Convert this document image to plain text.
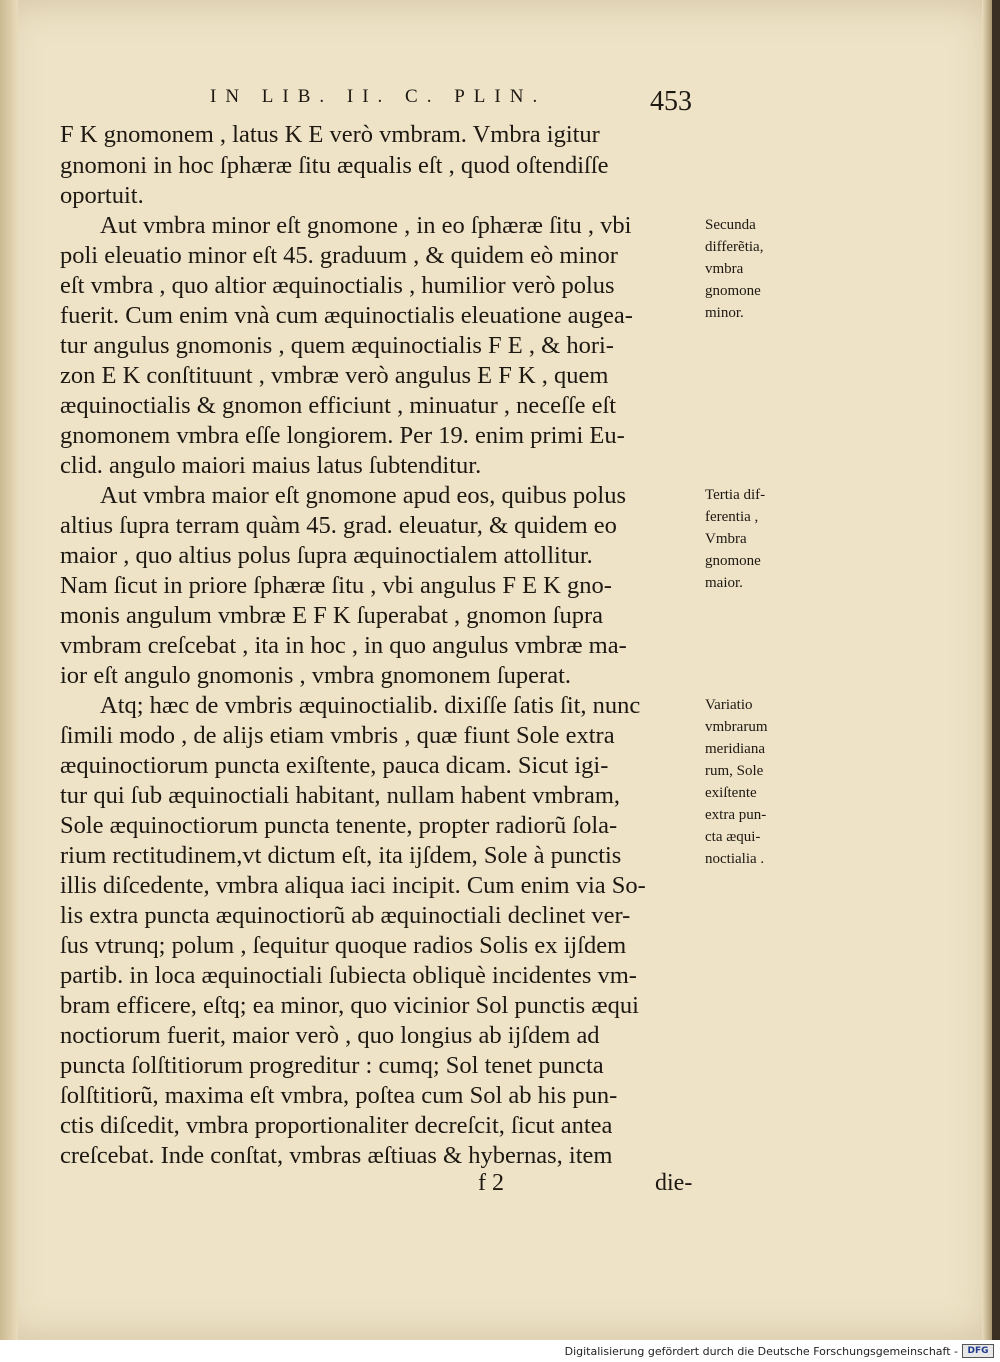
IN LIB. II. C. PLIN.	453
F K gnomonem , latus K E verò vmbram. Vmbra igitur
gnomoni in hoc ſphæræ ſitu æqualis eſt , quod oſtendiſſe
oportuit.
Aut vmbra minor eſt gnomone , in eo ſphæræ ſitu , vbi
poli eleuatio minor eſt 45. graduum , & quidem eò minor
eſt vmbra , quo altior æquinoctialis , humilior verò polus
fuerit. Cum enim vnà cum æquinoctialis eleuatione augea-
tur angulus gnomonis , quem æquinoctialis F E , & hori-
zon E K conſtituunt , vmbræ verò angulus E F K , quem
æquinoctialis & gnomon efficiunt , minuatur , neceſſe eſt
gnomonem vmbra eſſe longiorem. Per 19. enim primi Eu-
clid. angulo maiori maius latus ſubtenditur.
Aut vmbra maior eſt gnomone apud eos, quibus polus
altius ſupra terram quàm 45. grad. eleuatur, & quidem eo
maior , quo altius polus ſupra æquinoctialem attollitur.
Nam ſicut in priore ſphæræ ſitu , vbi angulus F E K gno-
monis angulum vmbræ E F K ſuperabat , gnomon ſupra
vmbram creſcebat , ita in hoc , in quo angulus vmbræ ma-
ior eſt angulo gnomonis , vmbra gnomonem ſuperat.
Atq; hæc de vmbris æquinoctialib. dixiſſe ſatis ſit, nunc
ſimili modo , de alijs etiam vmbris , quæ fiunt Sole extra
æquinoctiorum puncta exiſtente, pauca dicam. Sicut igi-
tur qui ſub æquinoctiali habitant, nullam habent vmbram,
Sole æquinoctiorum puncta tenente, propter radiorũ ſola-
rium rectitudinem,vt dictum eſt, ita ijſdem, Sole à punctis
illis diſcedente, vmbra aliqua iaci incipit. Cum enim via So-
lis extra puncta æquinoctiorũ ab æquinoctiali declinet ver-
ſus vtrunq; polum , ſequitur quoque radios Solis ex ijſdem
partib. in loca æquinoctiali ſubiecta obliquè incidentes vm-
bram efficere, eſtq; ea minor, quo vicinior Sol punctis æqui
noctiorum fuerit, maior verò , quo longius ab ijſdem ad
puncta ſolſtitiorum progreditur : cumq; Sol tenet puncta
ſolſtitiorũ, maxima eſt vmbra, poſtea cum Sol ab his pun-
ctis diſcedit, vmbra proportionaliter decreſcit, ſicut antea
creſcebat. Inde conſtat, vmbras æſtiuas & hybernas, item
Secunda
differẽtia,
vmbra
gnomone
minor.
Tertia dif-
ferentia ,
Vmbra
gnomone
maior.
Variatio
vmbrarum
meridiana
rum, Sole
exiſtente
extra pun-
cta æqui-
noctialia .
f 2	die-
Digitalisierung gefördert durch die Deutsche Forschungsgemeinschaft -	DFG
